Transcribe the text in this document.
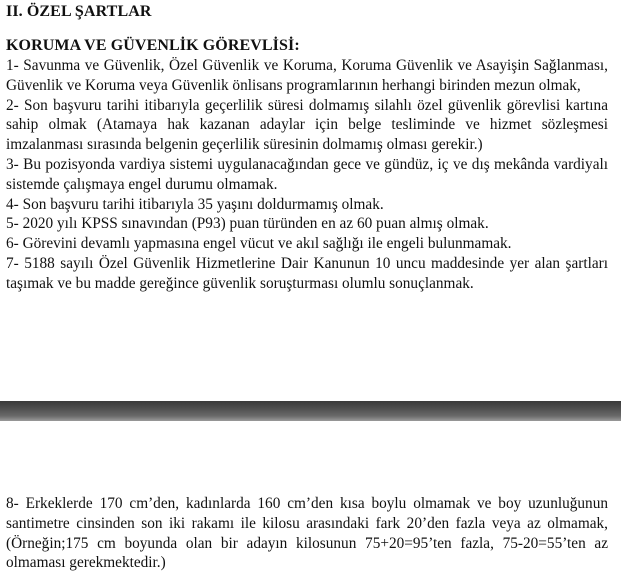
II. ÖZEL ŞARTLAR
KORUMA VE GÜVENLİK GÖREVLİSİ:
1- Savunma ve Güvenlik, Özel Güvenlik ve Koruma, Koruma Güvenlik ve Asayişin Sağlanması, Güvenlik ve Koruma veya Güvenlik önlisans programlarının herhangi birinden mezun olmak,
2- Son başvuru tarihi itibarıyla geçerlilik süresi dolmamış silahlı özel güvenlik görevlisi kartına sahip olmak (Atamaya hak kazanan adaylar için belge tesliminde ve hizmet sözleşmesi imzalanması sırasında belgenin geçerlilik süresinin dolmamış olması gerekir.)
3- Bu pozisyonda vardiya sistemi uygulanacağından gece ve gündüz, iç ve dış mekânda vardiyalı sistemde çalışmaya engel durumu olmamak.
4- Son başvuru tarihi itibarıyla 35 yaşını doldurmamış olmak.
5- 2020 yılı KPSS sınavından (P93) puan türünden en az 60 puan almış olmak.
6- Görevini devamlı yapmasına engel vücut ve akıl sağlığı ile engeli bulunmamak.
7- 5188 sayılı Özel Güvenlik Hizmetlerine Dair Kanunun 10 uncu maddesinde yer alan şartları taşımak ve bu madde gereğince güvenlik soruşturması olumlu sonuçlanmak.
8- Erkeklerde 170 cm’den, kadınlarda 160 cm’den kısa boylu olmamak ve boy uzunluğunun santimetre cinsinden son iki rakamı ile kilosu arasındaki fark 20’den fazla veya az olmamak, (Örneğin;175 cm boyunda olan bir adayın kilosunun 75+20=95’ten fazla, 75-20=55’ten az olmaması gerekmektedir.)
